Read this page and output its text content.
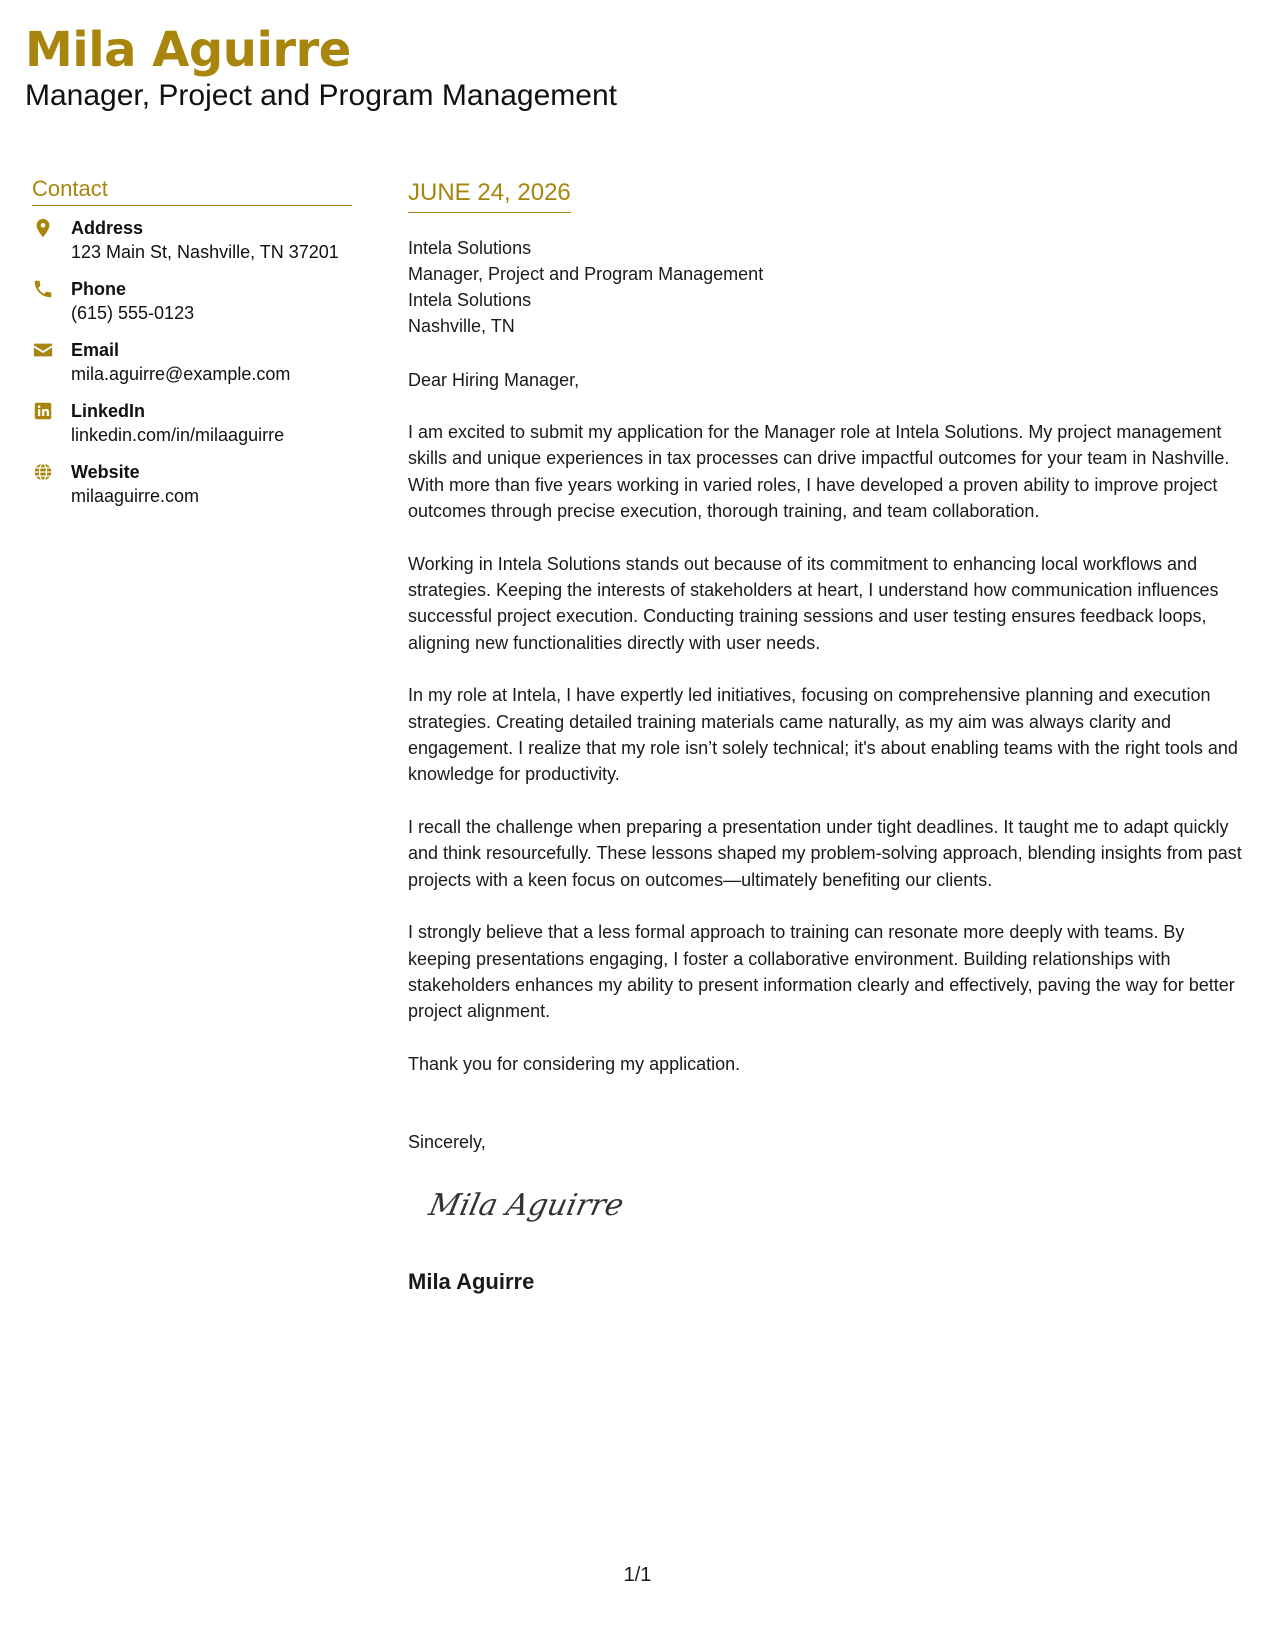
Mila Aguirre
Manager, Project and Program Management
Contact
Address
123 Main St, Nashville, TN 37201
Phone
(615) 555-0123
Email
mila.aguirre@example.com
LinkedIn
linkedin.com/in/milaaguirre
Website
milaaguirre.com
JUNE 24, 2026
Intela Solutions
Manager, Project and Program Management
Intela Solutions
Nashville, TN
Dear Hiring Manager,
I am excited to submit my application for the Manager role at Intela Solutions. My project management skills and unique experiences in tax processes can drive impactful outcomes for your team in Nashville. With more than five years working in varied roles, I have developed a proven ability to improve project outcomes through precise execution, thorough training, and team collaboration.
Working in Intela Solutions stands out because of its commitment to enhancing local workflows and strategies. Keeping the interests of stakeholders at heart, I understand how communication influences successful project execution. Conducting training sessions and user testing ensures feedback loops, aligning new functionalities directly with user needs.
In my role at Intela, I have expertly led initiatives, focusing on comprehensive planning and execution strategies. Creating detailed training materials came naturally, as my aim was always clarity and engagement. I realize that my role isn’t solely technical; it's about enabling teams with the right tools and knowledge for productivity.
I recall the challenge when preparing a presentation under tight deadlines. It taught me to adapt quickly and think resourcefully. These lessons shaped my problem-solving approach, blending insights from past projects with a keen focus on outcomes—ultimately benefiting our clients.
I strongly believe that a less formal approach to training can resonate more deeply with teams. By keeping presentations engaging, I foster a collaborative environment. Building relationships with stakeholders enhances my ability to present information clearly and effectively, paving the way for better project alignment.
Thank you for considering my application.
Sincerely,
Mila Aguirre
Mila Aguirre
1/1
